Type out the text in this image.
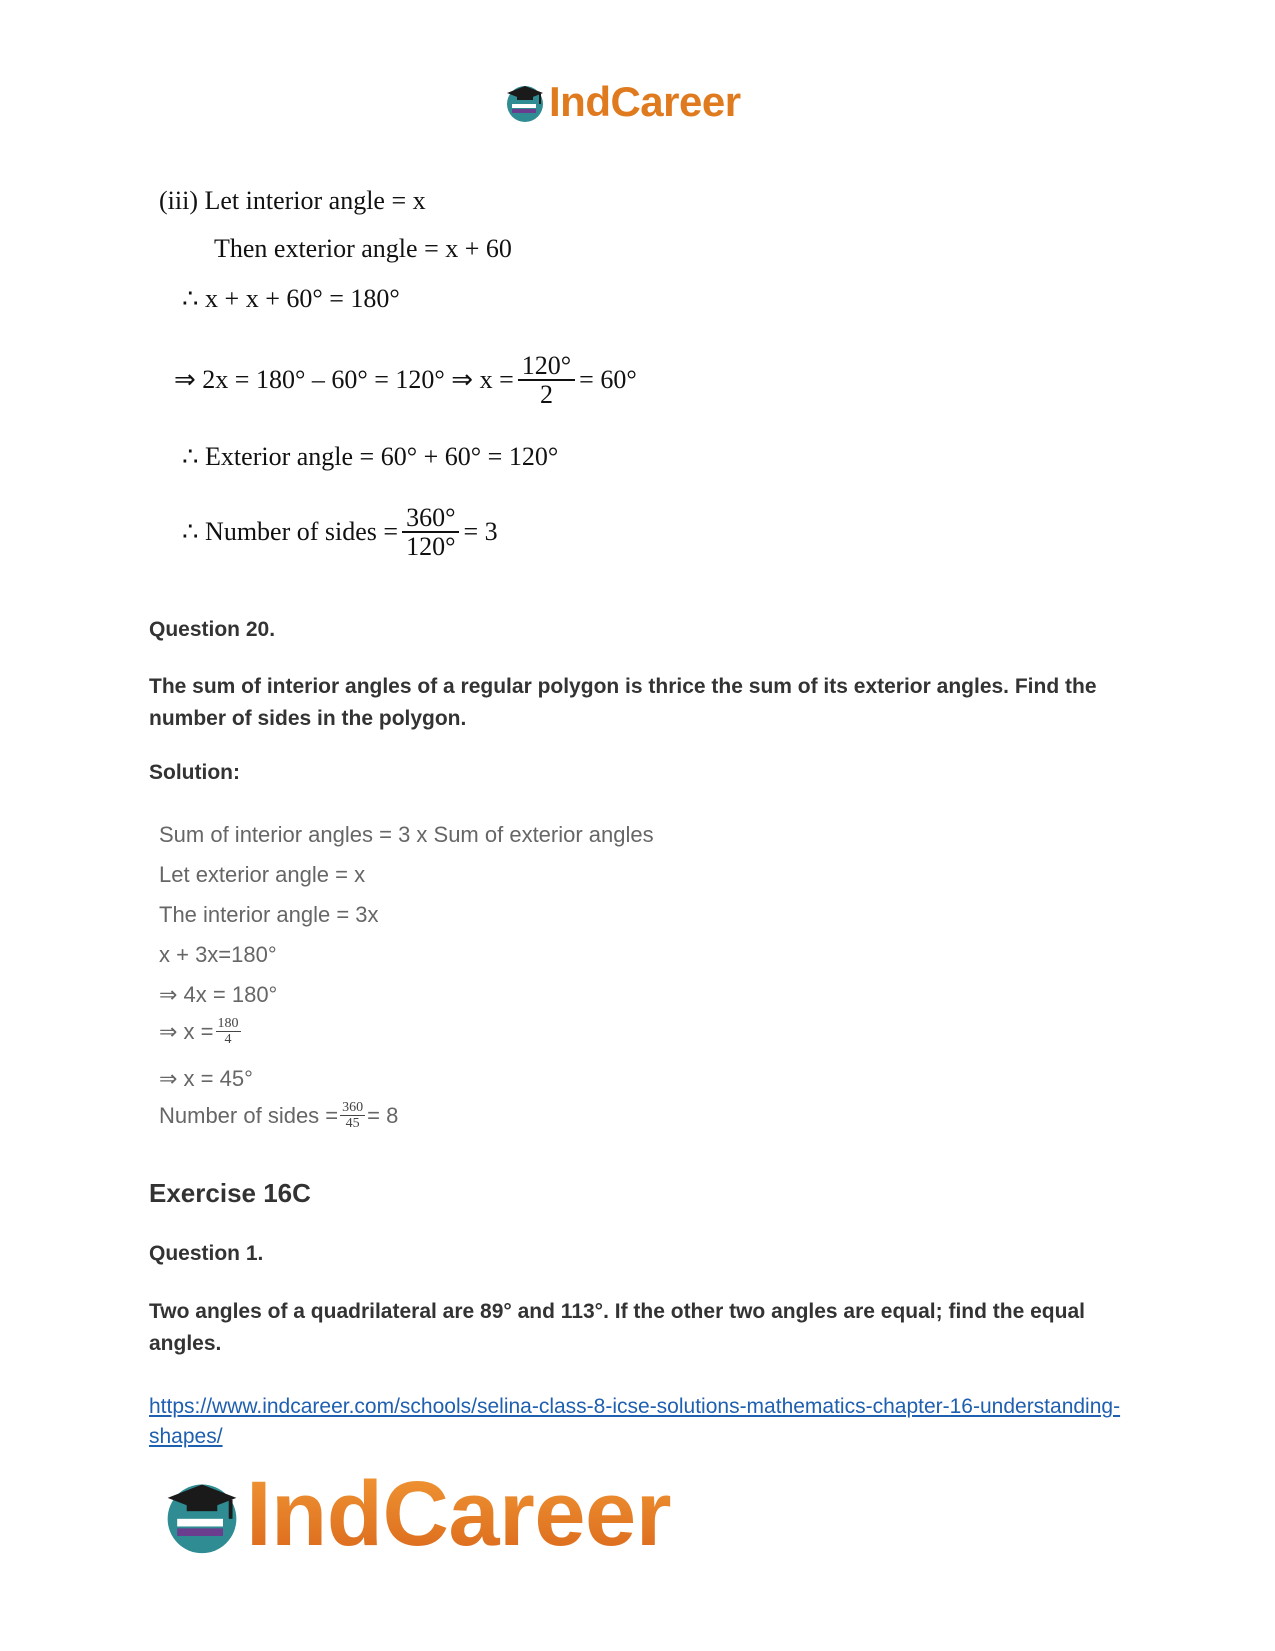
IndCareer
(iii) Let interior angle = x
Then exterior angle = x + 60
∴ x + x + 60° = 180°
⇒ 2x = 180° – 60° = 120° ⇒ $x = \frac{120^\circ}{2} = 60^\circ$
∴ Exterior angle = 60° + 60° = 120°
∴ Number of sides = $\frac{360^\circ}{120^\circ} = 3$
Question 20.
The sum of interior angles of a regular polygon is thrice the sum of its exterior angles. Find the number of sides in the polygon.
Solution:
Sum of interior angles = 3 x Sum of exterior angles
Let exterior angle = x
The interior angle = 3x
x + 3x=180°
⇒ 4x = 180°
⇒ $x = \frac{180}{4}$
⇒ x = 45°
Number of sides = $\frac{360}{45} = 8$
Exercise 16C
Question 1.
Two angles of a quadrilateral are 89° and 113°. If the other two angles are equal; find the equal angles.
https://www.indcareer.com/schools/selina-class-8-icse-solutions-mathematics-chapter-16-understanding-shapes/
IndCareer
